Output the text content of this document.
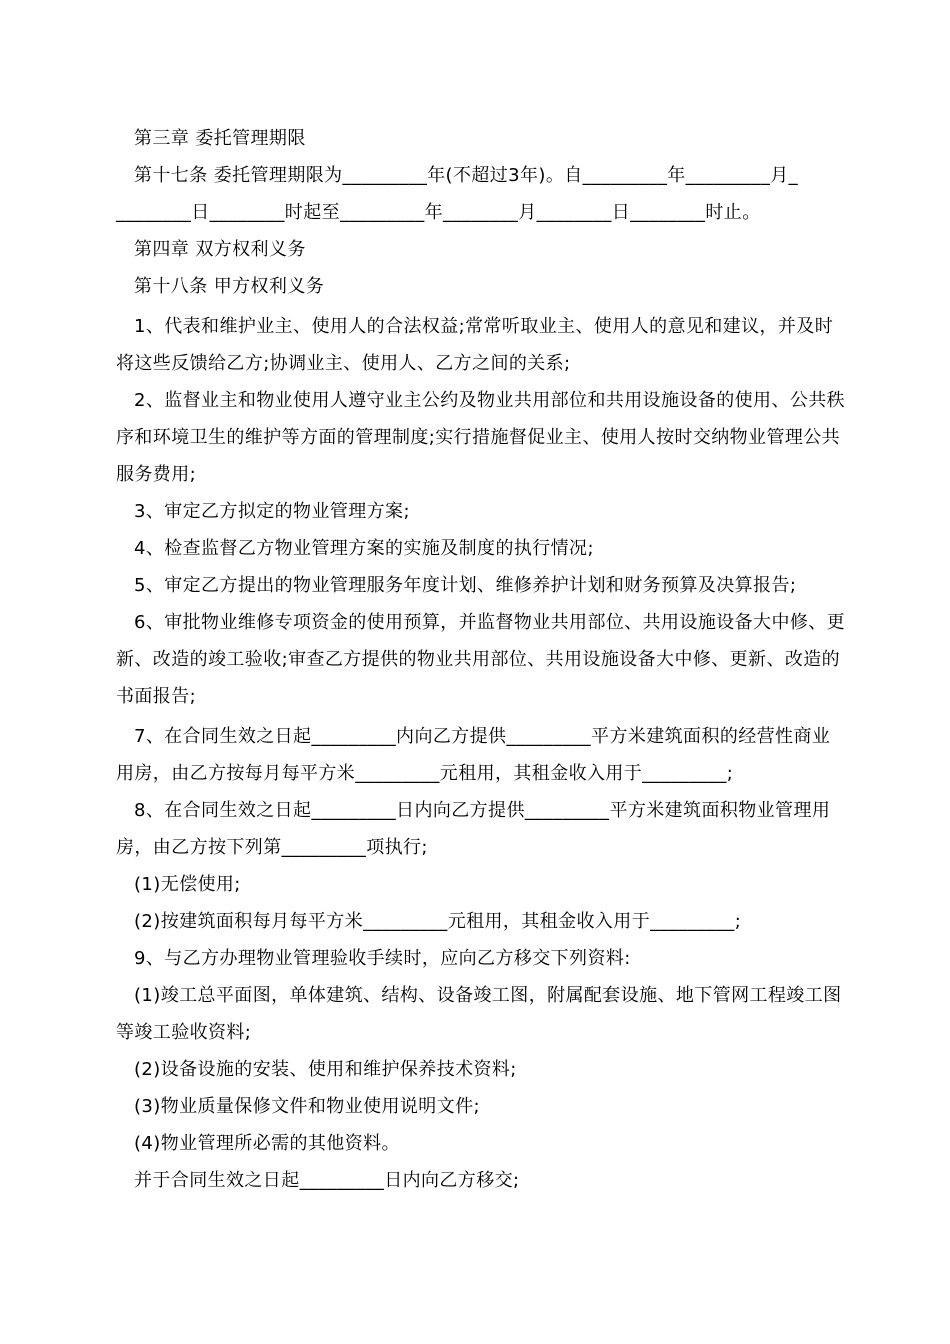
第三章 委托管理期限
第十七条 委托管理期限为_________年(不超过3年)。自_________年_________月_ ________日________时起至_________年________月________日________时止。
第四章 双方权利义务
第十八条 甲方权利义务
1、代表和维护业主、使用人的合法权益;常常听取业主、使用人的意见和建议，并及时将这些反馈给乙方;协调业主、使用人、乙方之间的关系;
2、监督业主和物业使用人遵守业主公约及物业共用部位和共用设施设备的使用、公共秩序和环境卫生的维护等方面的管理制度;实行措施督促业主、使用人按时交纳物业管理公共服务费用;
3、审定乙方拟定的物业管理方案;
4、检查监督乙方物业管理方案的实施及制度的执行情况;
5、审定乙方提出的物业管理服务年度计划、维修养护计划和财务预算及决算报告;
6、审批物业维修专项资金的使用预算，并监督物业共用部位、共用设施设备大中修、更新、改造的竣工验收;审查乙方提供的物业共用部位、共用设施设备大中修、更新、改造的书面报告;
7、在合同生效之日起_________内向乙方提供_________平方米建筑面积的经营性商业用房，由乙方按每月每平方米_________元租用，其租金收入用于_________;
8、在合同生效之日起_________日内向乙方提供_________平方米建筑面积物业管理用房，由乙方按下列第_________项执行;
(1)无偿使用;
(2)按建筑面积每月每平方米_________元租用，其租金收入用于_________;
9、与乙方办理物业管理验收手续时，应向乙方移交下列资料:
(1)竣工总平面图，单体建筑、结构、设备竣工图，附属配套设施、地下管网工程竣工图等竣工验收资料;
(2)设备设施的安装、使用和维护保养技术资料;
(3)物业质量保修文件和物业使用说明文件;
(4)物业管理所必需的其他资料。
并于合同生效之日起_________日内向乙方移交;
